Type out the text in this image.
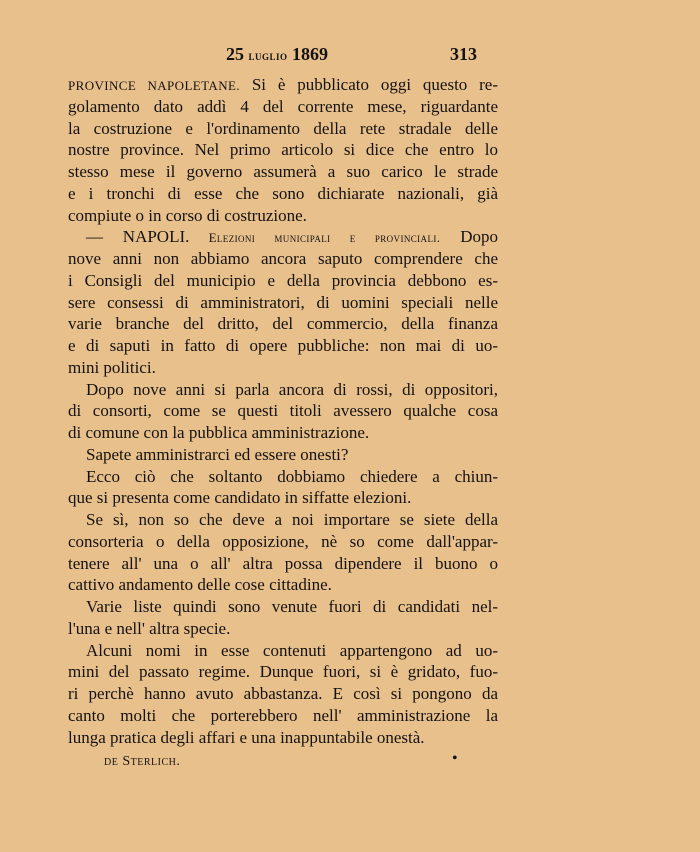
25 luglio 1869	313
PROVINCE NAPOLETANE. Si è pubblicato oggi questo re-
golamento dato addì 4 del corrente mese, riguardante
la costruzione e l'ordinamento della rete stradale delle
nostre province. Nel primo articolo si dice che entro lo
stesso mese il governo assumerà a suo carico le strade
e i tronchi di esse che sono dichiarate nazionali, già
compiute o in corso di costruzione.
— NAPOLI. Elezioni municipali e provinciali. Dopo
nove anni non abbiamo ancora saputo comprendere che
i Consigli del municipio e della provincia debbono es-
sere consessi di amministratori, di uomini speciali nelle
varie branche del dritto, del commercio, della finanza
e di saputi in fatto di opere pubbliche: non mai di uo-
mini politici.
Dopo nove anni si parla ancora di rossi, di oppositori,
di consorti, come se questi titoli avessero qualche cosa
di comune con la pubblica amministrazione.
Sapete amministrarci ed essere onesti?
Ecco ciò che soltanto dobbiamo chiedere a chiun-
que si presenta come candidato in siffatte elezioni.
Se sì, non so che deve a noi importare se siete della
consorteria o della opposizione, nè so come dall'appar-
tenere all' una o all' altra possa dipendere il buono o
cattivo andamento delle cose cittadine.
Varie liste quindi sono venute fuori di candidati nel-
l'una e nell' altra specie.
Alcuni nomi in esse contenuti appartengono ad uo-
mini del passato regime. Dunque fuori, si è gridato, fuo-
ri perchè hanno avuto abbastanza. E così si pongono da
canto molti che porterebbero nell' amministrazione la
lunga pratica degli affari e una inappuntabile onestà.
de Sterlich.	•
